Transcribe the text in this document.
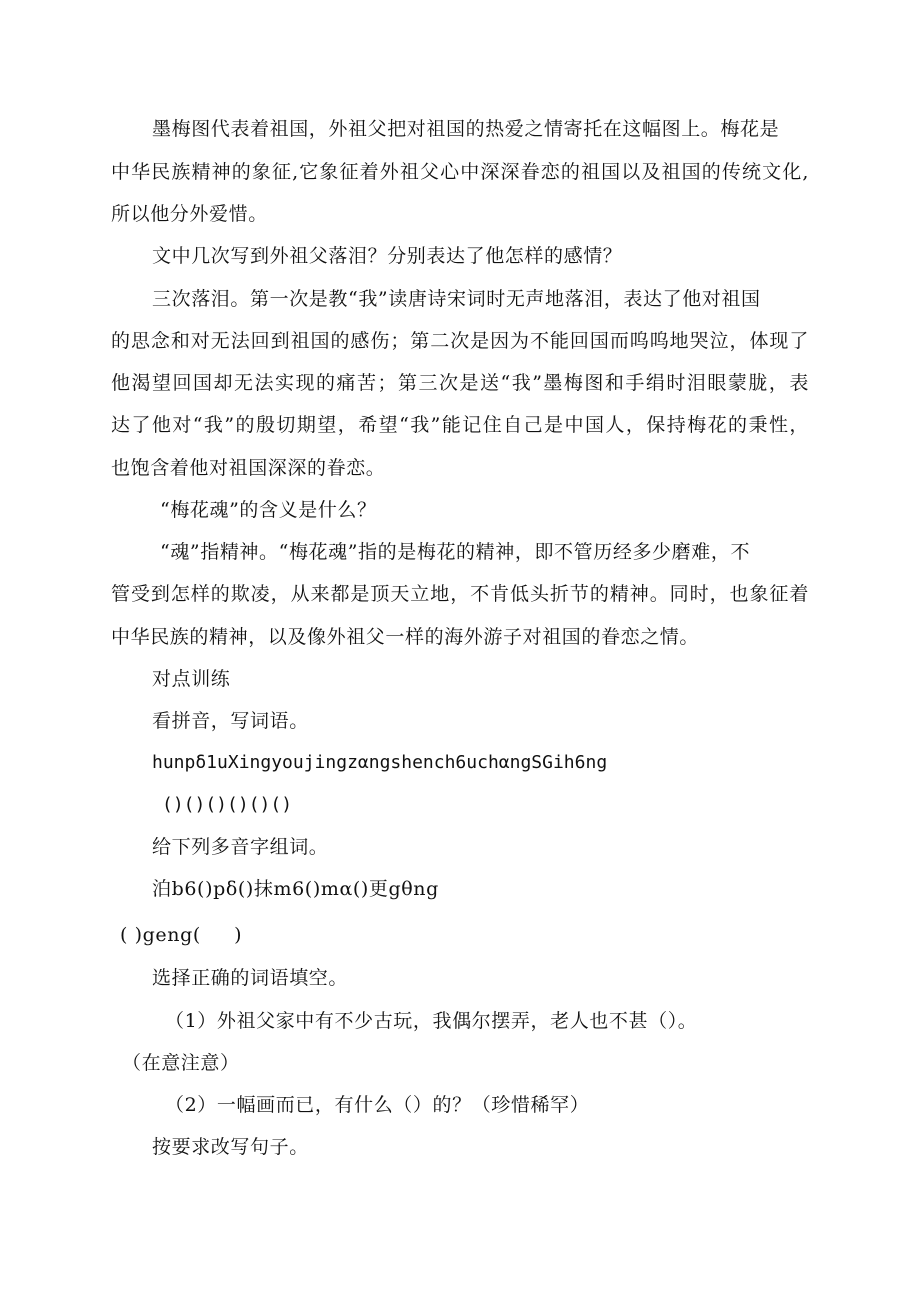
墨梅图代表着祖国，外祖父把对祖国的热爱之情寄托在这幅图上。梅花是
中华民族精神的象征,它象征着外祖父心中深深眷恋的祖国以及祖国的传统文化,
所以他分外爱惜。
文中几次写到外祖父落泪？分别表达了他怎样的感情？
三次落泪。第一次是教“我”读唐诗宋词时无声地落泪，表达了他对祖国
的思念和对无法回到祖国的感伤；第二次是因为不能回国而呜呜地哭泣，体现了
他渴望回国却无法实现的痛苦；第三次是送“我”墨梅图和手绢时泪眼蒙胧，表
达了他对“我”的殷切期望，希望“我”能记住自己是中国人，保持梅花的秉性，
也饱含着他对祖国深深的眷恋。
“梅花魂”的含义是什么？
“魂”指精神。“梅花魂”指的是梅花的精神，即不管历经多少磨难，不
管受到怎样的欺凌，从来都是顶天立地，不肯低头折节的精神。同时，也象征着
中华民族的精神，以及像外祖父一样的海外游子对祖国的眷恋之情。
对点训练
看拼音，写词语。
hunpδ1uXingyoujingzαngshench6uchαngSGih6ng
()()()()()()
给下列多音字组词。
泊b6()pδ()抹m6()mα()更gθng
( )geng(     )
选择正确的词语填空。
（1）外祖父家中有不少古玩，我偶尔摆弄，老人也不甚（）。
（在意注意）
（2）一幅画而已，有什么（）的？（珍惜稀罕）
按要求改写句子。
